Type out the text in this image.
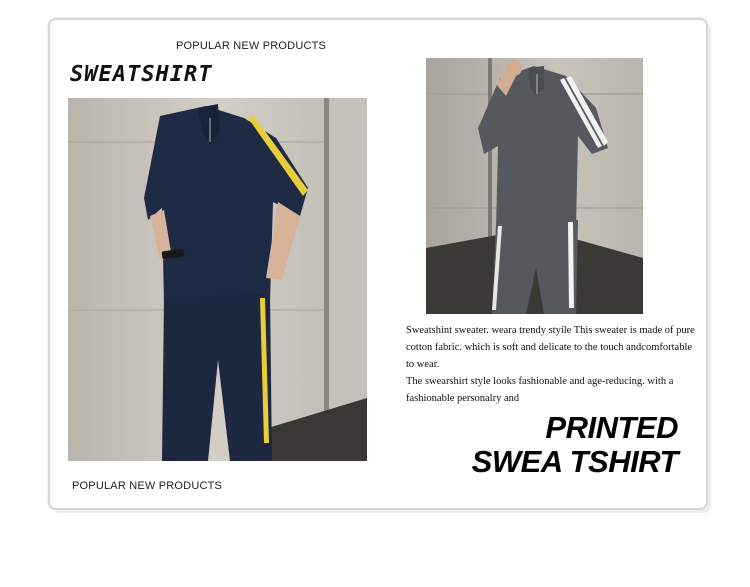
POPULAR NEW PRODUCTS
SWEATSHIRT

Sweatshint sweater. weara trendy styile This sweater is made of pure cotton fabric. which is soft and delicate to the touch andcomfortable to wear.

The swearshirt style looks fashionable and age-reducing. with a fashionable personalry and

PRINTED
SWEA TSHIRT
POPULAR NEW PRODUCTS
